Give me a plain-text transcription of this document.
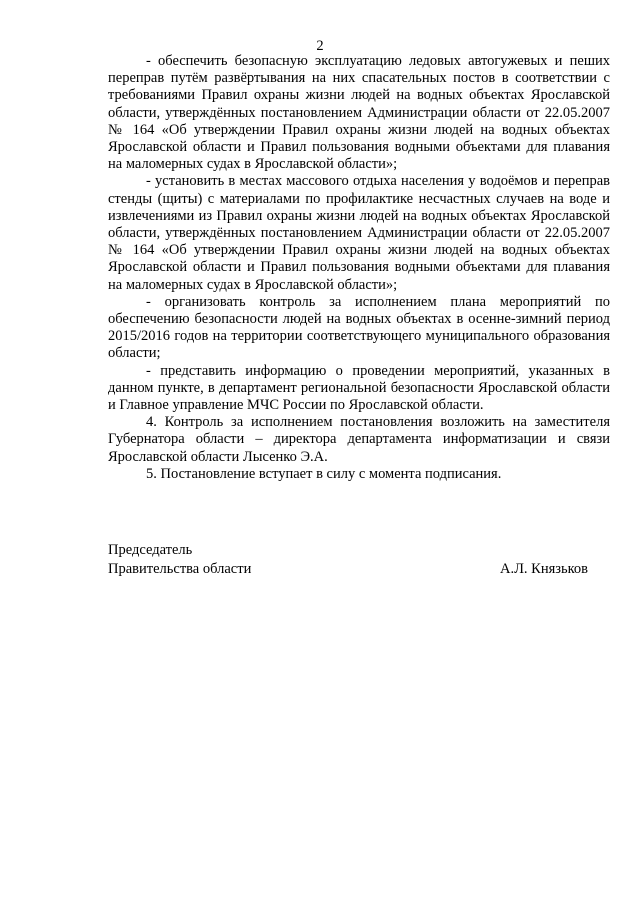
2

- обеспечить безопасную эксплуатацию ледовых автогужевых и пеших переправ путём развёртывания на них спасательных постов в соответствии с требованиями Правил охраны жизни людей на водных объектах Ярославской области, утверждённых постановлением Администрации области от 22.05.2007 № 164 «Об утверждении Правил охраны жизни людей на водных объектах Ярославской области и Правил пользования водными объектами для плавания на маломерных судах в Ярославской области»;

- установить в местах массового отдыха населения у водоёмов и переправ стенды (щиты) с материалами по профилактике несчастных случаев на воде и извлечениями из Правил охраны жизни людей на водных объектах Ярославской области, утверждённых постановлением Администрации области от 22.05.2007 № 164 «Об утверждении Правил охраны жизни людей на водных объектах Ярославской области и Правил пользования водными объектами для плавания на маломерных судах в Ярославской области»;

- организовать контроль за исполнением плана мероприятий по обеспечению безопасности людей на водных объектах в осенне-зимний период 2015/2016 годов на территории соответствующего муниципального образования области;

- представить информацию о проведении мероприятий, указанных в данном пункте, в департамент региональной безопасности Ярославской области и Главное управление МЧС России по Ярославской области.

4. Контроль за исполнением постановления возложить на заместителя Губернатора области – директора департамента информатизации и связи Ярославской области Лысенко Э.А.

5. Постановление вступает в силу с момента подписания.

Председатель
Правительства области	А.Л. Князьков
